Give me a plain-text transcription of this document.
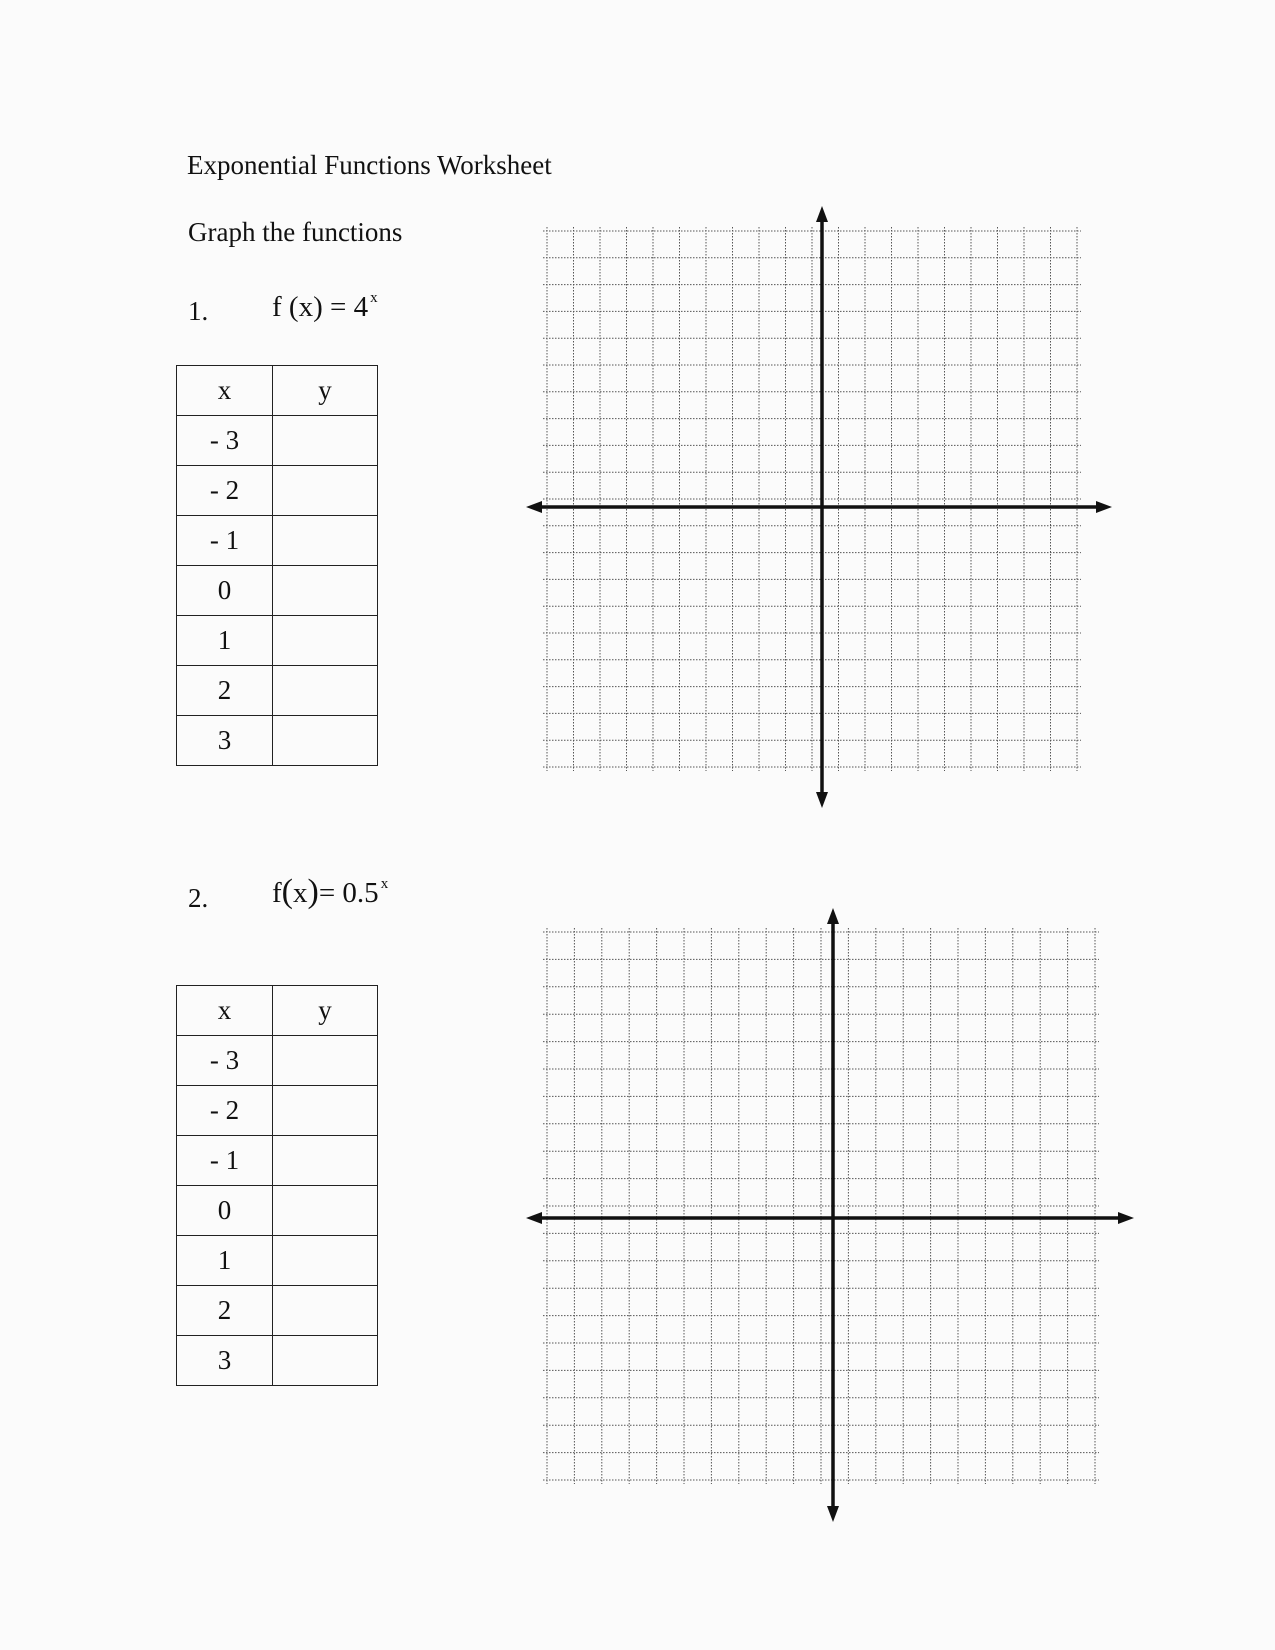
Exponential Functions Worksheet
Graph the functions
1. f (x) = 4 $^x$
x	y
- 3	
- 2	
- 1	
0	
1	
2	
3	
2. f(x)= 0.5 $^x$
x	y
- 3	
- 2	
- 1	
0	
1	
2	
3	
